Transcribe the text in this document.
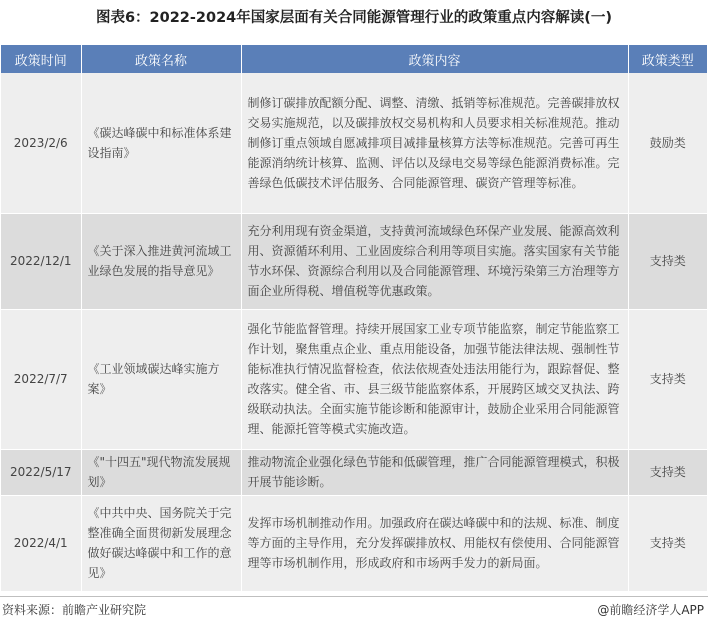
图表6：2022-2024年国家层面有关合同能源管理行业的政策重点内容解读(一)
政策时间	政策名称	政策内容	政策类型
2023/2/6	《碳达峰碳中和标准体系建设指南》	制修订碳排放配额分配、调整、清缴、抵销等标准规范。完善碳排放权交易实施规范，以及碳排放权交易机构和人员要求相关标准规范。推动制修订重点领域自愿减排项目减排量核算方法等标准规范。完善可再生能源消纳统计核算、监测、评估以及绿电交易等绿色能源消费标准。完善绿色低碳技术评估服务、合同能源管理、碳资产管理等标准。	鼓励类
2022/12/1	《关于深入推进黄河流域工业绿色发展的指导意见》	充分利用现有资金渠道，支持黄河流域绿色环保产业发展、能源高效利用、资源循环利用、工业固废综合利用等项目实施。落实国家有关节能节水环保、资源综合利用以及合同能源管理、环境污染第三方治理等方面企业所得税、增值税等优惠政策。	支持类
2022/7/7	《工业领域碳达峰实施方案》	强化节能监督管理。持续开展国家工业专项节能监察，制定节能监察工作计划，聚焦重点企业、重点用能设备，加强节能法律法规、强制性节能标准执行情况监督检查，依法依规查处违法用能行为，跟踪督促、整改落实。健全省、市、县三级节能监察体系，开展跨区域交叉执法、跨级联动执法。全面实施节能诊断和能源审计，鼓励企业采用合同能源管理、能源托管等模式实施改造。	支持类
2022/5/17	《"十四五"现代物流发展规划》	推动物流企业强化绿色节能和低碳管理，推广合同能源管理模式，积极开展节能诊断。	支持类
2022/4/1	《中共中央、国务院关于完整准确全面贯彻新发展理念做好碳达峰碳中和工作的意见》	发挥市场机制推动作用。加强政府在碳达峰碳中和的法规、标准、制度等方面的主导作用，充分发挥碳排放权、用能权有偿使用、合同能源管理等市场机制作用，形成政府和市场两手发力的新局面。	支持类
资料来源：前瞻产业研究院	@前瞻经济学人APP
